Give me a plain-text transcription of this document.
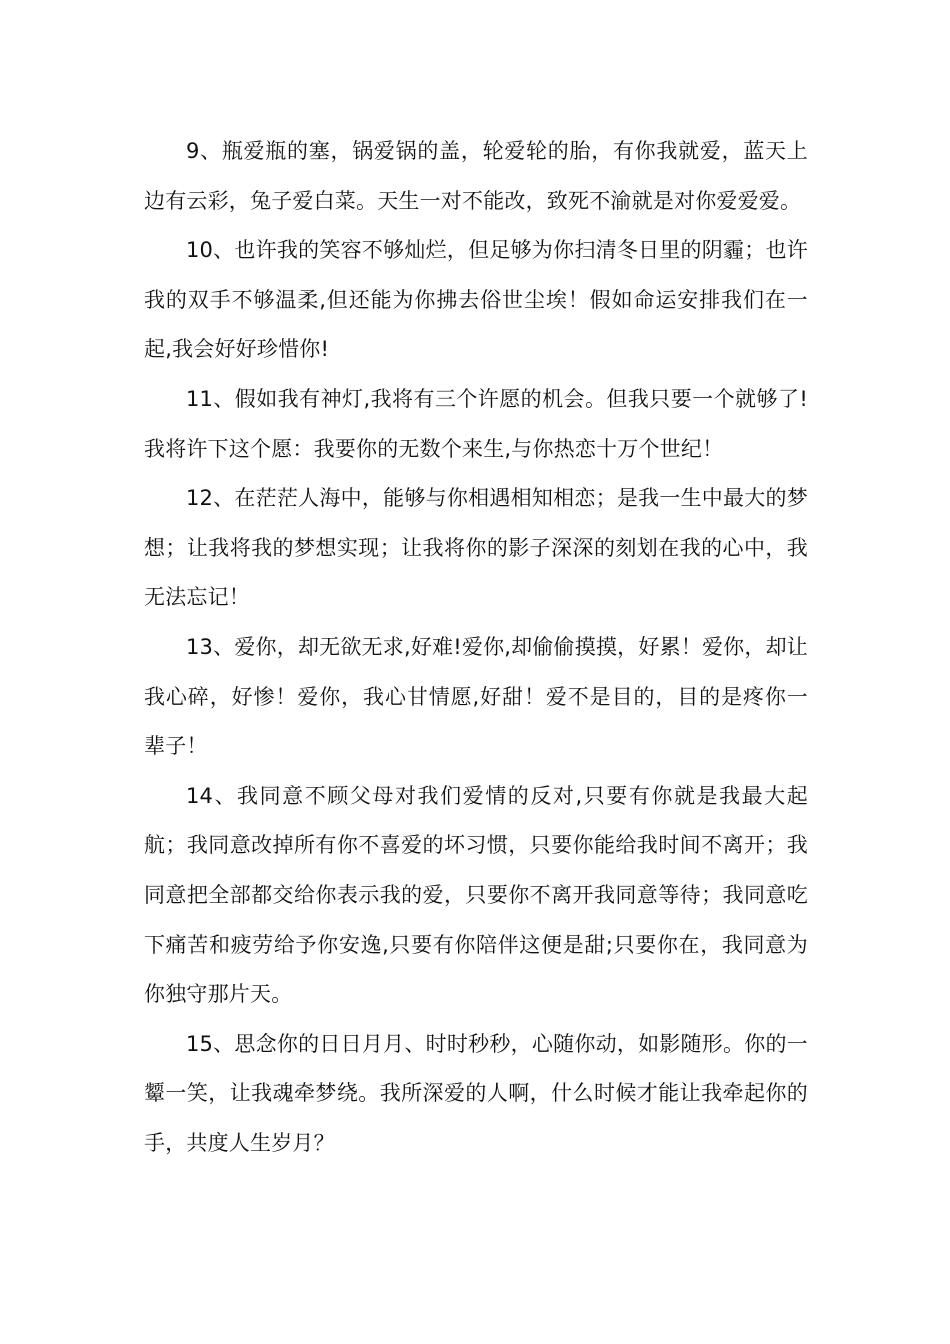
9、瓶爱瓶的塞，锅爱锅的盖，轮爱轮的胎，有你我就爱，蓝天上边有云彩，兔子爱白菜。天生一对不能改，致死不渝就是对你爱爱爱。

10、也许我的笑容不够灿烂，但足够为你扫清冬日里的阴霾；也许我的双手不够温柔,但还能为你拂去俗世尘埃！假如命运安排我们在一起,我会好好珍惜你!

11、假如我有神灯,我将有三个许愿的机会。但我只要一个就够了!我将许下这个愿：我要你的无数个来生,与你热恋十万个世纪！

12、在茫茫人海中，能够与你相遇相知相恋；是我一生中最大的梦想；让我将我的梦想实现；让我将你的影子深深的刻划在我的心中，我无法忘记！

13、爱你，却无欲无求,好难!爱你,却偷偷摸摸，好累！爱你，却让我心碎，好惨！爱你，我心甘情愿,好甜！爱不是目的，目的是疼你一辈子！

14、我同意不顾父母对我们爱情的反对,只要有你就是我最大起航；我同意改掉所有你不喜爱的坏习惯，只要你能给我时间不离开；我同意把全部都交给你表示我的爱，只要你不离开我同意等待；我同意吃下痛苦和疲劳给予你安逸,只要有你陪伴这便是甜;只要你在，我同意为你独守那片天。

15、思念你的日日月月、时时秒秒，心随你动，如影随形。你的一颦一笑，让我魂牵梦绕。我所深爱的人啊，什么时候才能让我牵起你的手，共度人生岁月？
